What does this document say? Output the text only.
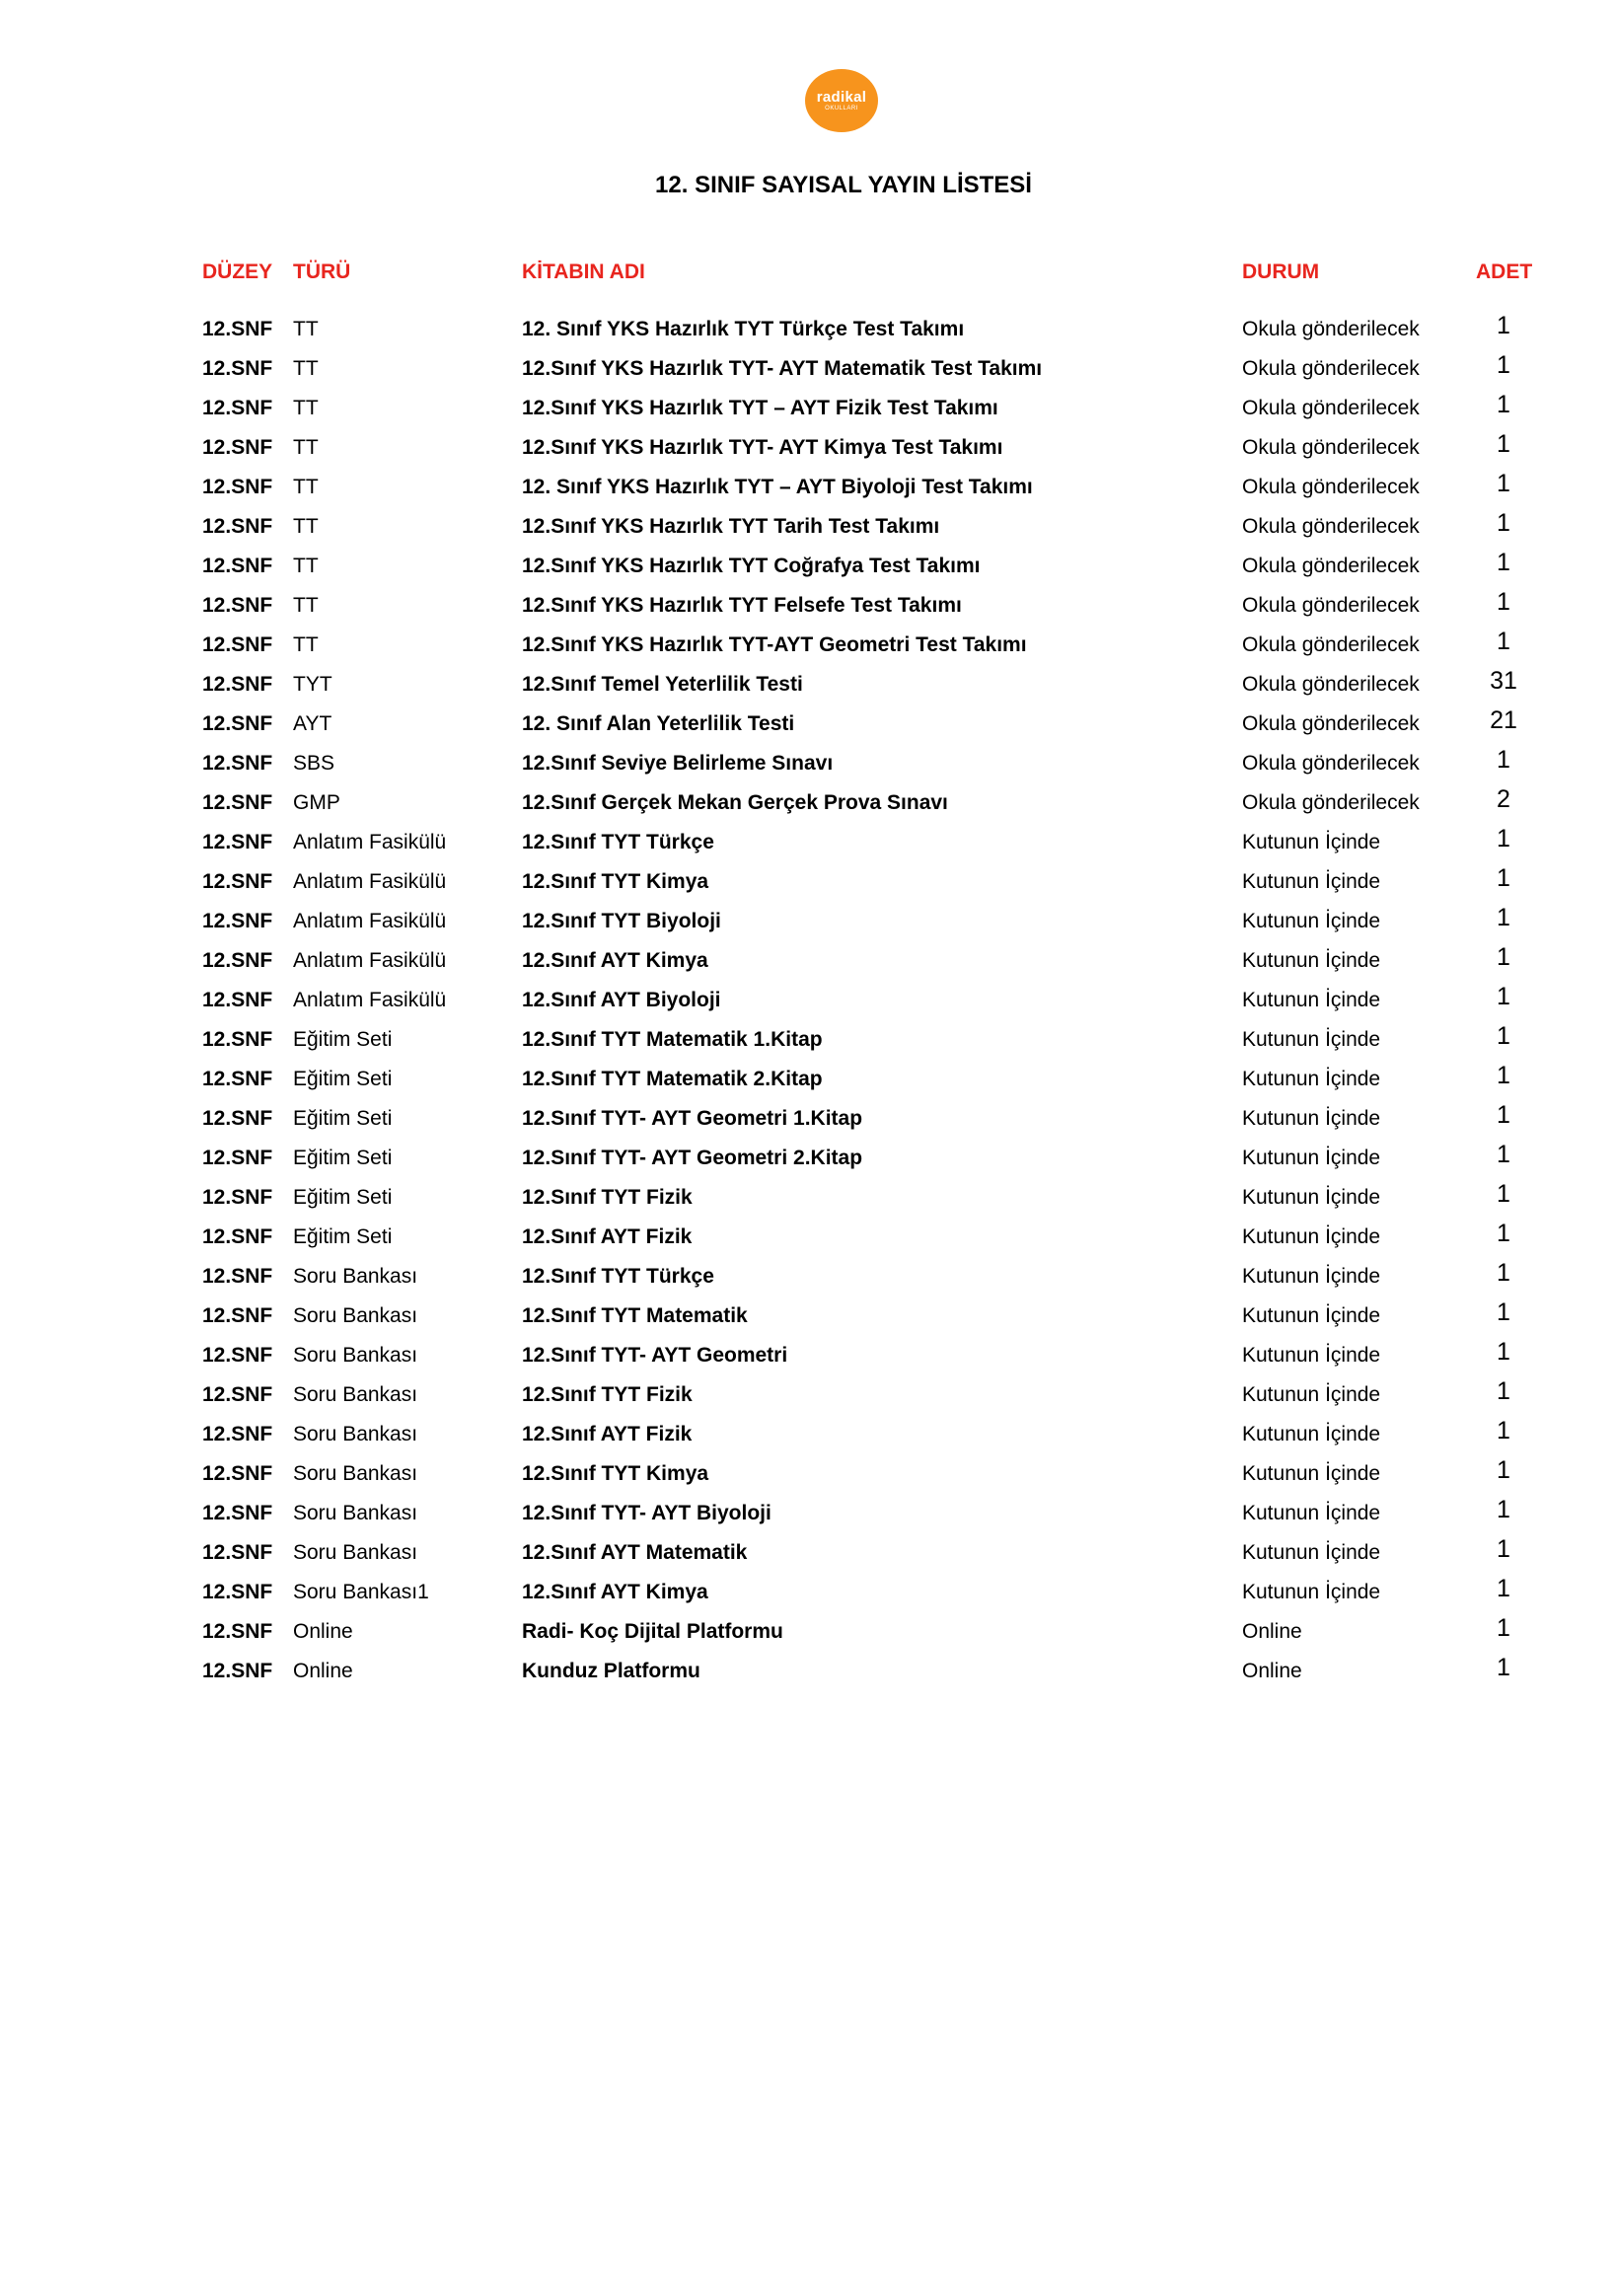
radikal
OKULLARI
12. SINIF SAYISAL YAYIN LİSTESİ
DÜZEY TÜRÜ	KİTABIN ADI	DURUM	ADET
12.SNF TT	12. Sınıf YKS Hazırlık TYT Türkçe Test Takımı	Okula gönderilecek	1
12.SNF TT	12.Sınıf YKS Hazırlık TYT- AYT Matematik Test Takımı	Okula gönderilecek	1
12.SNF TT	12.Sınıf YKS Hazırlık TYT – AYT Fizik Test Takımı	Okula gönderilecek	1
12.SNF TT	12.Sınıf YKS Hazırlık TYT- AYT Kimya Test Takımı	Okula gönderilecek	1
12.SNF TT	12. Sınıf YKS Hazırlık TYT – AYT Biyoloji Test Takımı	Okula gönderilecek	1
12.SNF TT	12.Sınıf YKS Hazırlık TYT Tarih Test Takımı	Okula gönderilecek	1
12.SNF TT	12.Sınıf YKS Hazırlık TYT Coğrafya Test Takımı	Okula gönderilecek	1
12.SNF TT	12.Sınıf YKS Hazırlık TYT Felsefe Test Takımı	Okula gönderilecek	1
12.SNF TT	12.Sınıf YKS Hazırlık TYT-AYT Geometri Test Takımı	Okula gönderilecek	1
12.SNF TYT	12.Sınıf Temel Yeterlilik Testi	Okula gönderilecek	31
12.SNF AYT	12. Sınıf Alan Yeterlilik Testi	Okula gönderilecek	21
12.SNF SBS	12.Sınıf Seviye Belirleme Sınavı	Okula gönderilecek	1
12.SNF GMP	12.Sınıf Gerçek Mekan Gerçek Prova Sınavı	Okula gönderilecek	2
12.SNF Anlatım Fasikülü	12.Sınıf TYT Türkçe	Kutunun İçinde	1
12.SNF Anlatım Fasikülü	12.Sınıf TYT Kimya	Kutunun İçinde	1
12.SNF Anlatım Fasikülü	12.Sınıf TYT Biyoloji	Kutunun İçinde	1
12.SNF Anlatım Fasikülü	12.Sınıf AYT Kimya	Kutunun İçinde	1
12.SNF Anlatım Fasikülü	12.Sınıf AYT Biyoloji	Kutunun İçinde	1
12.SNF Eğitim Seti	12.Sınıf TYT Matematik 1.Kitap	Kutunun İçinde	1
12.SNF Eğitim Seti	12.Sınıf TYT Matematik 2.Kitap	Kutunun İçinde	1
12.SNF Eğitim Seti	12.Sınıf TYT- AYT Geometri 1.Kitap	Kutunun İçinde	1
12.SNF Eğitim Seti	12.Sınıf TYT- AYT Geometri 2.Kitap	Kutunun İçinde	1
12.SNF Eğitim Seti	12.Sınıf TYT Fizik	Kutunun İçinde	1
12.SNF Eğitim Seti	12.Sınıf AYT Fizik	Kutunun İçinde	1
12.SNF Soru Bankası	12.Sınıf TYT Türkçe	Kutunun İçinde	1
12.SNF Soru Bankası	12.Sınıf TYT Matematik	Kutunun İçinde	1
12.SNF Soru Bankası	12.Sınıf TYT- AYT Geometri	Kutunun İçinde	1
12.SNF Soru Bankası	12.Sınıf TYT Fizik	Kutunun İçinde	1
12.SNF Soru Bankası	12.Sınıf AYT Fizik	Kutunun İçinde	1
12.SNF Soru Bankası	12.Sınıf TYT Kimya	Kutunun İçinde	1
12.SNF Soru Bankası	12.Sınıf TYT- AYT Biyoloji	Kutunun İçinde	1
12.SNF Soru Bankası	12.Sınıf AYT Matematik	Kutunun İçinde	1
12.SNF Soru Bankası1	12.Sınıf AYT Kimya	Kutunun İçinde	1
12.SNF Online	Radi- Koç Dijital Platformu	Online	1
12.SNF Online	Kunduz Platformu	Online	1
